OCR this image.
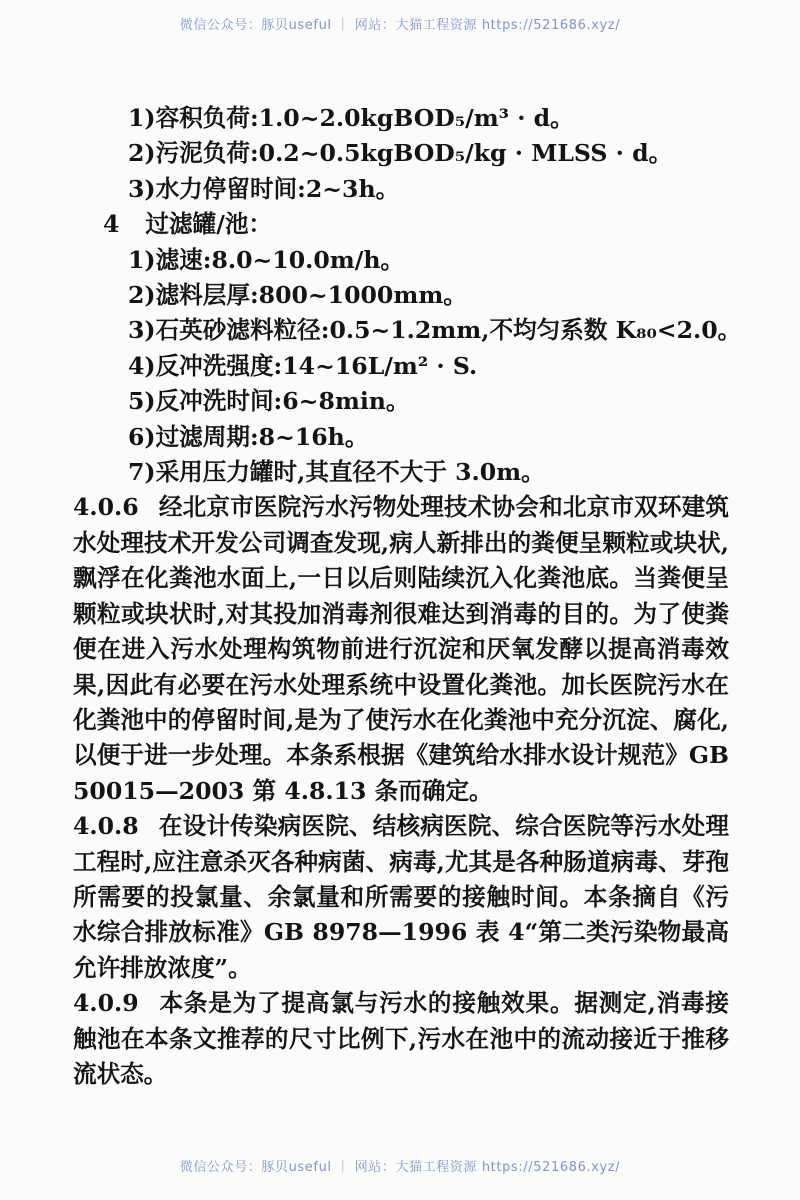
微信公众号：豚贝useful ｜ 网站：大猫工程资源 https://521686.xyz/
1)容积负荷:1.0~2.0kgBOD₅/m³ · d。
2)污泥负荷:0.2~0.5kgBOD₅/kg · MLSS · d。
3)水力停留时间:2~3h。
4 过滤罐/池：
1)滤速:8.0~10.0m/h。
2)滤料层厚:800~1000mm。
3)石英砂滤料粒径:0.5~1.2mm,不均匀系数 K₈₀<2.0。
4)反冲洗强度:14~16L/m² · S.
5)反冲洗时间:6~8min。
6)过滤周期:8~16h。
7)采用压力罐时,其直径不大于 3.0m。
4.0.6 经北京市医院污水污物处理技术协会和北京市双环建筑水处理技术开发公司调查发现,病人新排出的粪便呈颗粒或块状,飘浮在化粪池水面上,一日以后则陆续沉入化粪池底。当粪便呈颗粒或块状时,对其投加消毒剂很难达到消毒的目的。为了使粪便在进入污水处理构筑物前进行沉淀和厌氧发酵以提高消毒效果,因此有必要在污水处理系统中设置化粪池。加长医院污水在化粪池中的停留时间,是为了使污水在化粪池中充分沉淀、腐化,以便于进一步处理。本条系根据《建筑给水排水设计规范》GB 50015—2003 第 4.8.13 条而确定。
4.0.8 在设计传染病医院、结核病医院、综合医院等污水处理工程时,应注意杀灭各种病菌、病毒,尤其是各种肠道病毒、芽孢所需要的投氯量、余氯量和所需要的接触时间。本条摘自《污水综合排放标准》GB 8978—1996 表 4“第二类污染物最高允许排放浓度”。
4.0.9 本条是为了提高氯与污水的接触效果。据测定,消毒接触池在本条文推荐的尺寸比例下,污水在池中的流动接近于推移流状态。
微信公众号：豚贝useful ｜ 网站：大猫工程资源 https://521686.xyz/
